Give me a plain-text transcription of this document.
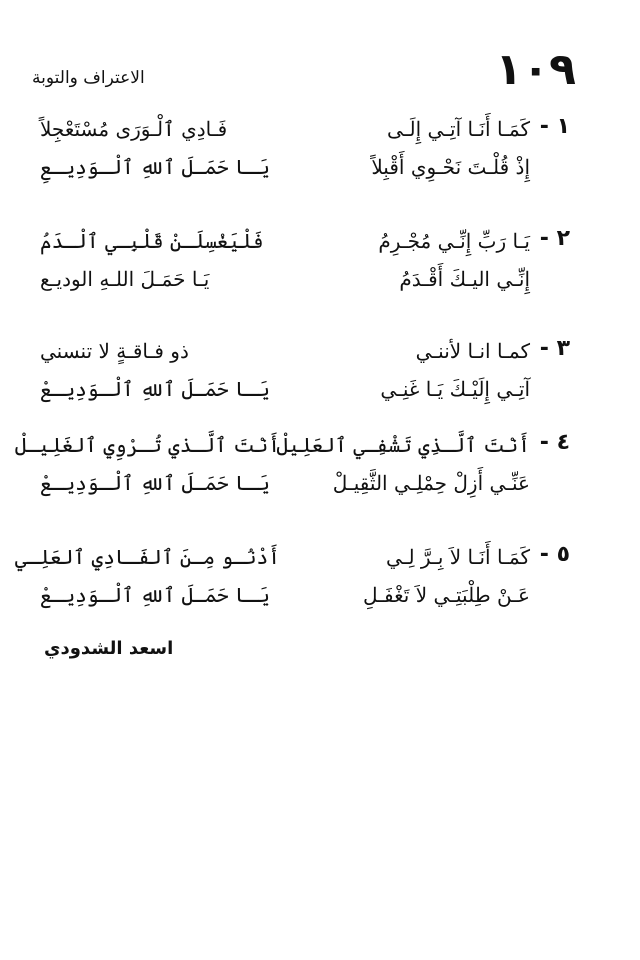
١٠٩
الاعتراف والتوبة
١ -
كَمَـا أَنَـا آتِـي إِلَـى
فَـادِي ٱلْـوَرَى مُسْتَعْجِلاً
إِذْ قُلْـتَ نَحْـوِي أَقْبِلاً
يَـا حَمَـلَ ٱللهِ ٱلْـوَدِيـعِ
٢ -
يَـا رَبِّ إِنِّـي مُجْـرِمُ
فَلْيَغْسِلَـنْ قَلْبِـي ٱلْـدَمُ
إِنِّـي اليـكَ أَقْـدَمُ
يَـا حَمَـلَ اللـهِ الوديـع
٣ -
كمـا انـا لأننـي
ذو فـاقـةٍ لا تنسني
آتِـي إِلَيْـكَ يَـا غَنِـي
يَـا حَمَـلَ ٱللهِ ٱلْـوَدِيـعْ
٤ -
أَنْتَ ٱلَّـذِي تَشْفِـي ٱلعَلِيلْ
أَنْتَ ٱلَّـذي تُـرْوِي ٱلغَلِيـلْ
عَنِّـي أَزِلْ حِمْلِـي الثَّقِيـلْ
يَـا حَمَـلَ ٱللهِ ٱلْـوَدِيـعْ
٥ -
كَمَـا أَنَـا لاَ بِـرَّ لِـي
أَدْنُـو مِـنَ ٱلفَـادِي ٱلعَلِـي
عَـنْ طِلْبَتِـي لاَ تَغْفَـلِ
يَـا حَمَـلَ ٱللهِ ٱلْـوَدِيـعْ
اسعد الشدودي
